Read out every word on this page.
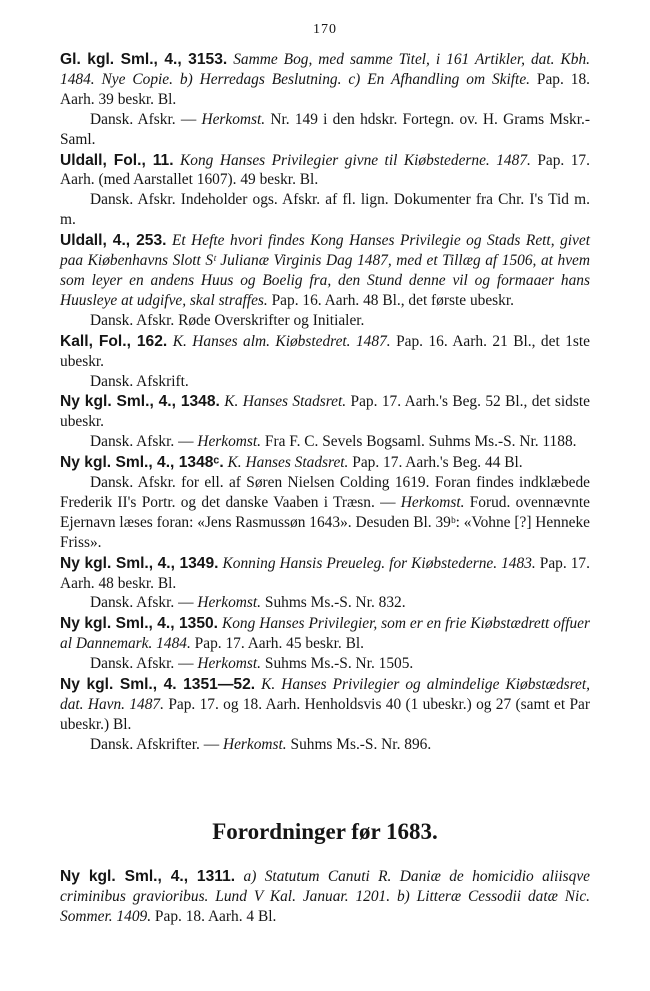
170

Gl. kgl. Sml., 4., 3153. Samme Bog, med samme Titel, i 161 Artikler, dat. Kbh. 1484. Nye Copie. b) Herredags Beslutning. c) En Afhandling om Skifte. Pap. 18. Aarh. 39 beskr. Bl.

Dansk. Afskr. — Herkomst. Nr. 149 i den hdskr. Fortegn. ov. H. Grams Mskr.-Saml.

Uldall, Fol., 11. Kong Hanses Privilegier givne til Kiøbstederne. 1487. Pap. 17. Aarh. (med Aarstallet 1607). 49 beskr. Bl.

Dansk. Afskr. Indeholder ogs. Afskr. af fl. lign. Dokumenter fra Chr. I's Tid m. m.

Uldall, 4., 253. Et Hefte hvori findes Kong Hanses Privilegie og Stads Rett, givet paa Kiøbenhavns Slott Sᵗ Julianæ Virginis Dag 1487, med et Tillæg af 1506, at hvem som leyer en andens Huus og Boelig fra, den Stund denne vil og formaaer hans Huusleye at udgifve, skal straffes. Pap. 16. Aarh. 48 Bl., det første ubeskr.

Dansk. Afskr. Røde Overskrifter og Initialer.

Kall, Fol., 162. K. Hanses alm. Kiøbstedret. 1487. Pap. 16. Aarh. 21 Bl., det 1ste ubeskr.

Dansk. Afskrift.

Ny kgl. Sml., 4., 1348. K. Hanses Stadsret. Pap. 17. Aarh.'s Beg. 52 Bl., det sidste ubeskr.

Dansk. Afskr. — Herkomst. Fra F. C. Sevels Bogsaml. Suhms Ms.-S. Nr. 1188.

Ny kgl. Sml., 4., 1348ᶜ. K. Hanses Stadsret. Pap. 17. Aarh.'s Beg. 44 Bl.

Dansk. Afskr. for ell. af Søren Nielsen Colding 1619. Foran findes indklæbede Frederik II's Portr. og det danske Vaaben i Træsn. — Herkomst. Forud. ovennævnte Ejernavn læses foran: «Jens Rasmussøn 1643». Desuden Bl. 39ᵇ: «Vohne [?] Henneke Friss».

Ny kgl. Sml., 4., 1349. Konning Hansis Preueleg. for Kiøbstederne. 1483. Pap. 17. Aarh. 48 beskr. Bl.

Dansk. Afskr. — Herkomst. Suhms Ms.-S. Nr. 832.

Ny kgl. Sml., 4., 1350. Kong Hanses Privilegier, som er en frie Kiøbstædrett offuer al Dannemark. 1484. Pap. 17. Aarh. 45 beskr. Bl.

Dansk. Afskr. — Herkomst. Suhms Ms.-S. Nr. 1505.

Ny kgl. Sml., 4. 1351—52. K. Hanses Privilegier og almindelige Kiøbstædsret, dat. Havn. 1487. Pap. 17. og 18. Aarh. Henholdsvis 40 (1 ubeskr.) og 27 (samt et Par ubeskr.) Bl.

Dansk. Afskrifter. — Herkomst. Suhms Ms.-S. Nr. 896.

Forordninger før 1683.

Ny kgl. Sml., 4., 1311. a) Statutum Canuti R. Daniæ de homicidio aliisqve criminibus gravioribus. Lund V Kal. Januar. 1201. b) Litteræ Cessodii datæ Nic. Sommer. 1409. Pap. 18. Aarh. 4 Bl.
